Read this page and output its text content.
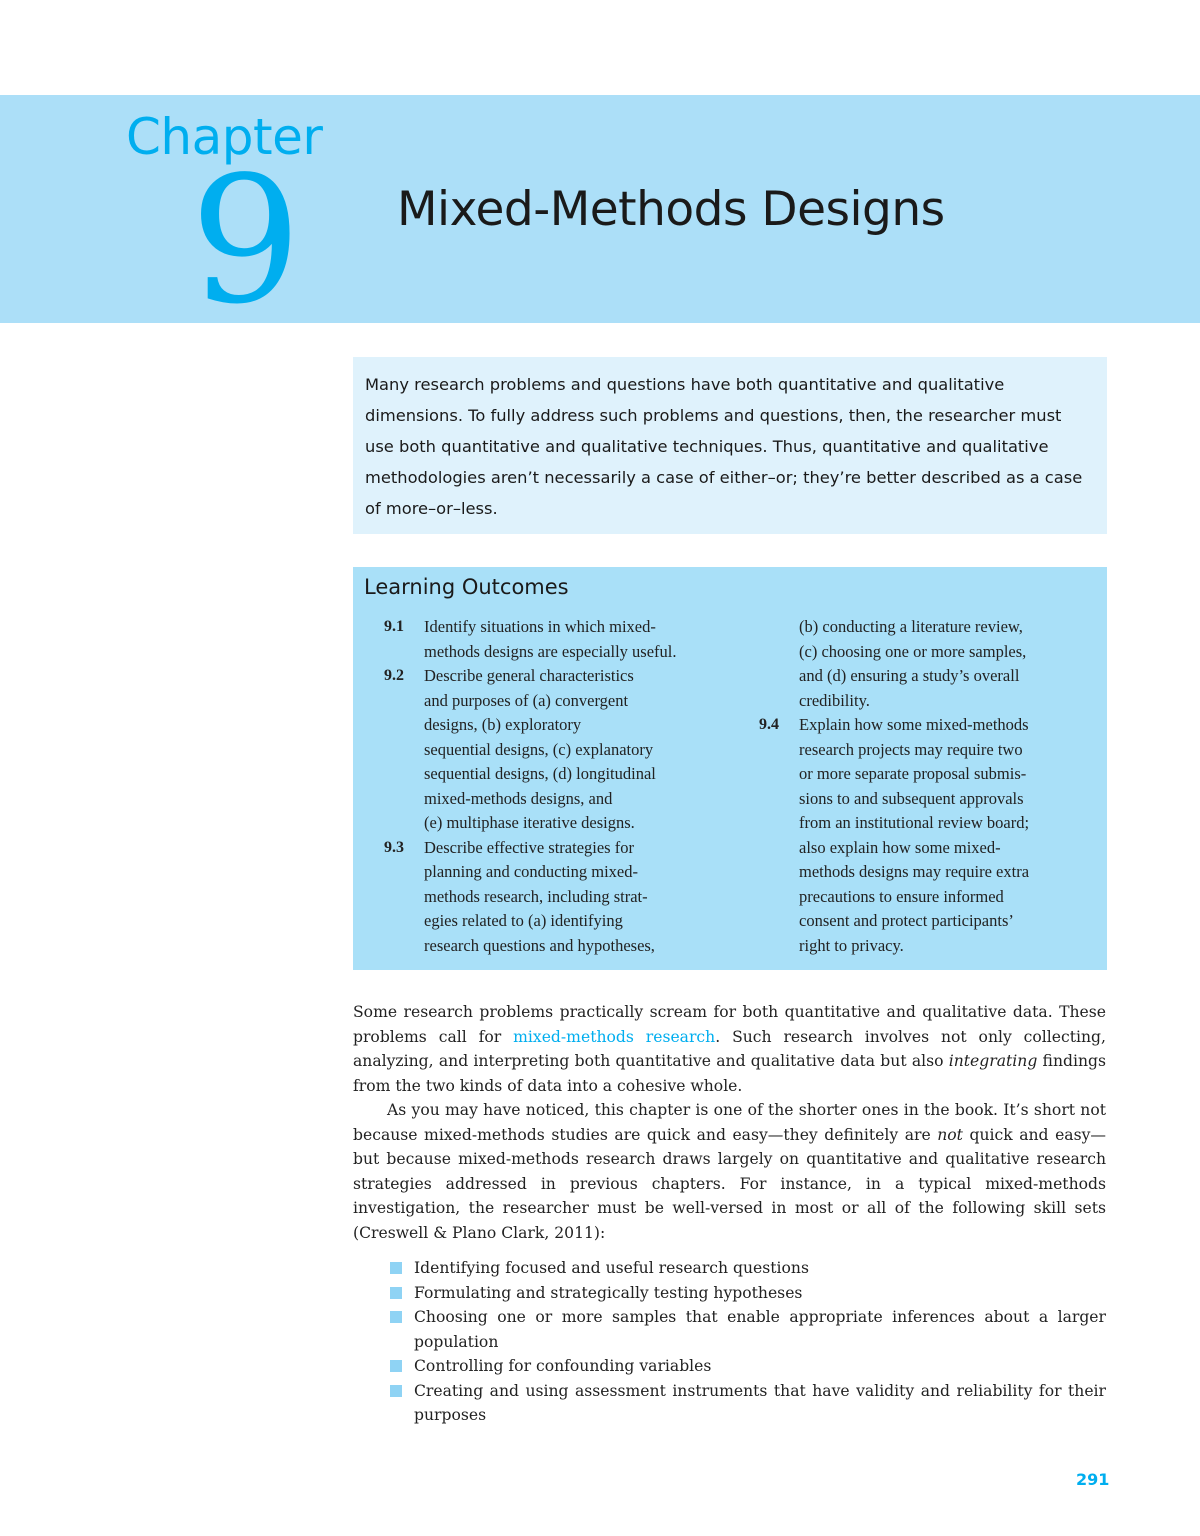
Chapter
9 Mixed-Methods Designs
Many research problems and questions have both quantitative and qualitative dimensions. To fully address such problems and questions, then, the researcher must use both quantitative and qualitative techniques. Thus, quantitative and qualitative methodologies aren’t necessarily a case of either–or; they’re better described as a case of more–or–less.
Learning Outcomes
9.1	Identify situations in which mixed-
methods designs are especially useful.
9.2	Describe general characteristics
and purposes of (a) convergent
designs, (b) exploratory
sequential designs, (c) explanatory
sequential designs, (d) longitudinal
mixed-methods designs, and
(e) multiphase iterative designs.
9.3	Describe effective strategies for
planning and conducting mixed-
methods research, including strat-
egies related to (a) identifying
research questions and hypotheses,
(b) conducting a literature review,
(c) choosing one or more samples,
and (d) ensuring a study’s overall
credibility.
9.4	Explain how some mixed-methods
research projects may require two
or more separate proposal submis-
sions to and subsequent approvals
from an institutional review board;
also explain how some mixed-
methods designs may require extra
precautions to ensure informed
consent and protect participants’
right to privacy.

Some research problems practically scream for both quantitative and qualitative data. These problems call for mixed-methods research. Such research involves not only collecting, analyzing, and interpreting both quantitative and qualitative data but also integrating findings from the two kinds of data into a cohesive whole.

As you may have noticed, this chapter is one of the shorter ones in the book. It’s short not because mixed-methods studies are quick and easy—they definitely are not quick and easy—but because mixed-methods research draws largely on quantitative and qualitative research strategies addressed in previous chapters. For instance, in a typical mixed-methods investigation, the researcher must be well-versed in most or all of the following skill sets (Creswell & Plano Clark, 2011):

Identifying focused and useful research questions
Formulating and strategically testing hypotheses
Choosing one or more samples that enable appropriate inferences about a larger population
Controlling for confounding variables
Creating and using assessment instruments that have validity and reliability for their purposes
291
